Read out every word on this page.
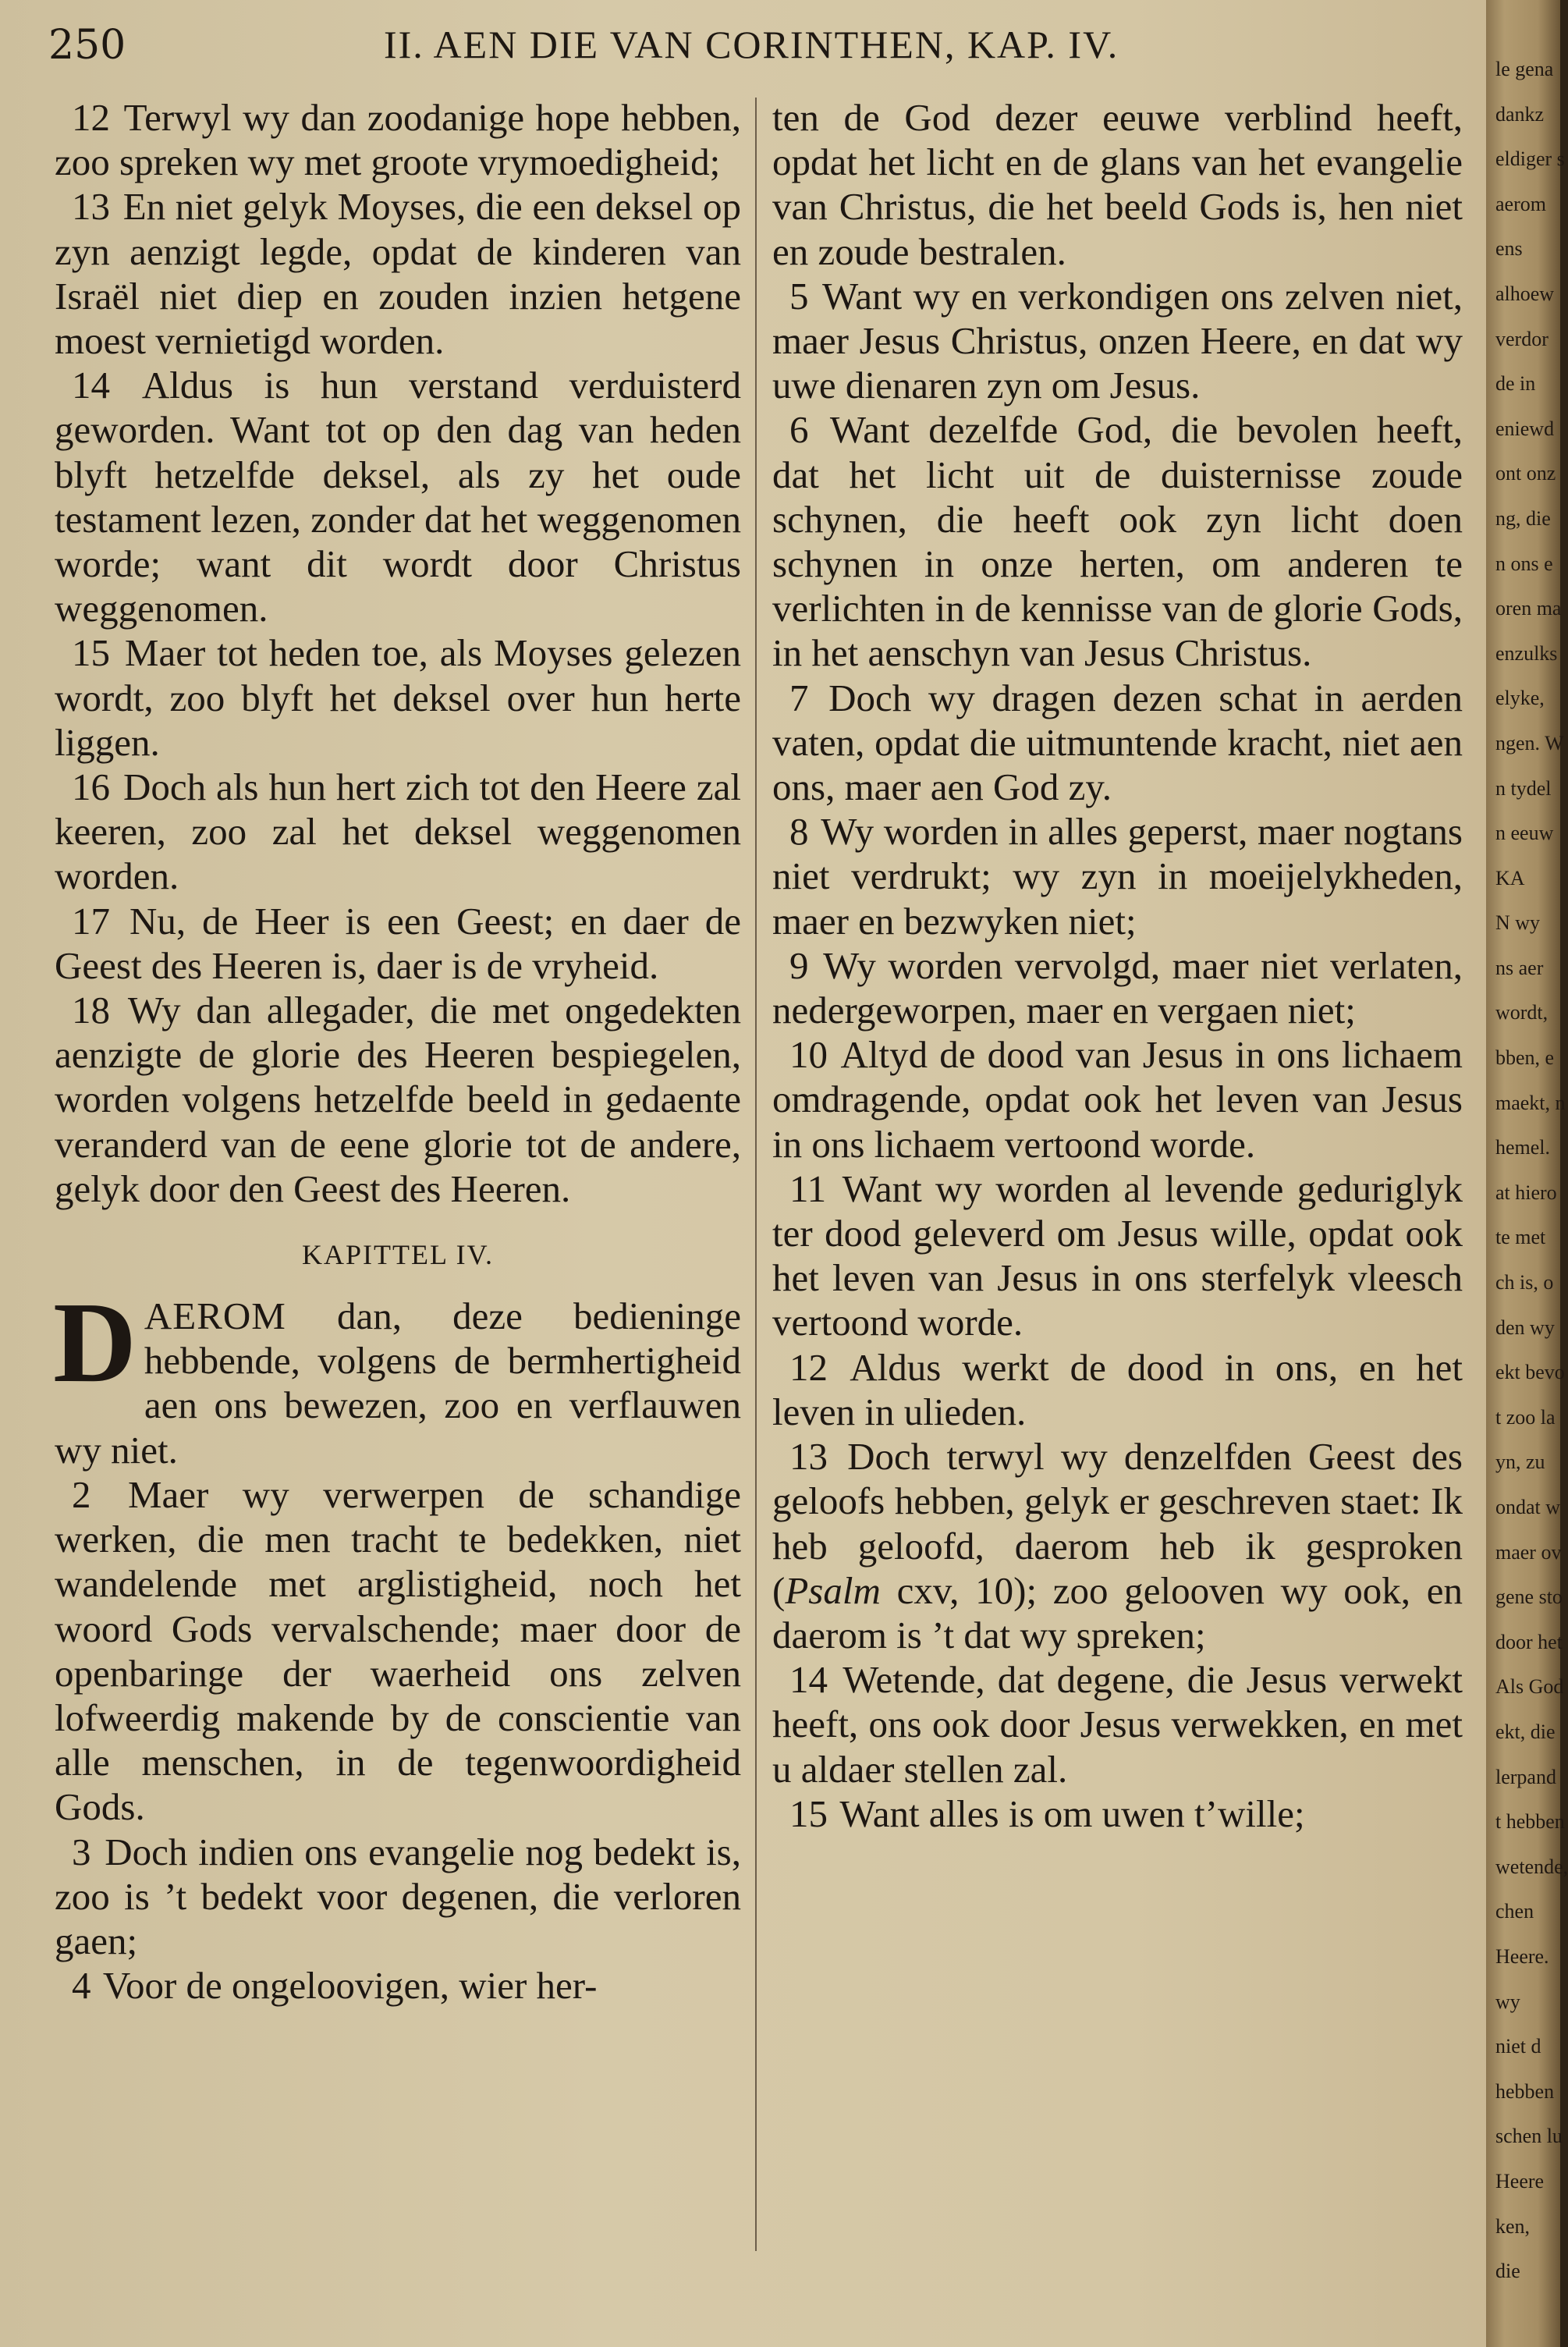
250	II. AEN DIE VAN CORINTHEN, KAP. IV.

12 Terwyl wy dan zoodanige hope hebben, zoo spreken wy met groote vrymoedigheid;

13 En niet gelyk Moyses, die een deksel op zyn aenzigt legde, opdat de kinderen van Israël niet diep en zouden inzien hetgene moest vernietigd worden.

14 Aldus is hun verstand verduisterd geworden. Want tot op den dag van heden blyft hetzelfde deksel, als zy het oude testament lezen, zonder dat het weggenomen worde; want dit wordt door Christus weggenomen.

15 Maer tot heden toe, als Moyses gelezen wordt, zoo blyft het deksel over hun herte liggen.

16 Doch als hun hert zich tot den Heere zal keeren, zoo zal het deksel weggenomen worden.

17 Nu, de Heer is een Geest; en daer de Geest des Heeren is, daer is de vryheid.

18 Wy dan allegader, die met ongedekten aenzigte de glorie des Heeren bespiegelen, worden volgens hetzelfde beeld in gedaente veranderd van de eene glorie tot de andere, gelyk door den Geest des Heeren.

KAPITTEL IV.

DAEROM dan, deze bedieninge hebbende, volgens de bermhertigheid aen ons bewezen, zoo en verflauwen wy niet.

2 Maer wy verwerpen de schandige werken, die men tracht te bedekken, niet wandelende met arglistigheid, noch het woord Gods vervalschende; maer door de openbaringe der waerheid ons zelven lofweerdig makende by de conscientie van alle menschen, in de tegenwoordigheid Gods.

3 Doch indien ons evangelie nog bedekt is, zoo is ’t bedekt voor degenen, die verloren gaen;

4 Voor de ongeloovigen, wier her-

ten de God dezer eeuwe verblind heeft, opdat het licht en de glans van het evangelie van Christus, die het beeld Gods is, hen niet en zoude bestralen.

5 Want wy en verkondigen ons zelven niet, maer Jesus Christus, onzen Heere, en dat wy uwe dienaren zyn om Jesus.

6 Want dezelfde God, die bevolen heeft, dat het licht uit de duisternisse zoude schynen, die heeft ook zyn licht doen schynen in onze herten, om anderen te verlichten in de kennisse van de glorie Gods, in het aenschyn van Jesus Christus.

7 Doch wy dragen dezen schat in aerden vaten, opdat die uitmuntende kracht, niet aen ons, maer aen God zy.

8 Wy worden in alles geperst, maer nogtans niet verdrukt; wy zyn in moeijelykheden, maer en bezwyken niet;

9 Wy worden vervolgd, maer niet verlaten, nedergeworpen, maer en vergaen niet;

10 Altyd de dood van Jesus in ons lichaem omdragende, opdat ook het leven van Jesus in ons lichaem vertoond worde.

11 Want wy worden al levende geduriglyk ter dood geleverd om Jesus wille, opdat ook het leven van Jesus in ons sterfelyk vleesch vertoond worde.

12 Aldus werkt de dood in ons, en het leven in ulieden.

13 Doch terwyl wy denzelfden Geest des geloofs hebben, gelyk er geschreven staet: Ik heb geloofd, daerom heb ik gesproken (Psalm cxv, 10); zoo gelooven wy ook, en daerom is ’t dat wy spreken;

14 Wetende, dat degene, die Jesus verwekt heeft, ons ook door Jesus verwekken, en met u aldaer stellen zal.

15 Want alles is om uwen t’wille;

le gena
dankz
eldiger s
aerom
ens
alhoew
verdor
de in
eniewd
ont onz
ng, die
n ons e
oren ma
enzulks
elyke,
ngen. W
n tydel
n eeuw
KA
N wy
ns aer
wordt,
bben, e
maekt, n
hemel.
at hiero
te met
ch is, o
den wy
ekt bevo
t zoo la
yn, zu
ondat w
maer ov
gene sto
door het
Als God
ekt, die
lerpand
t hebben
wetende,
chen
Heere.
wy
niet d
hebben
schen lu
Heere
ken,
die
